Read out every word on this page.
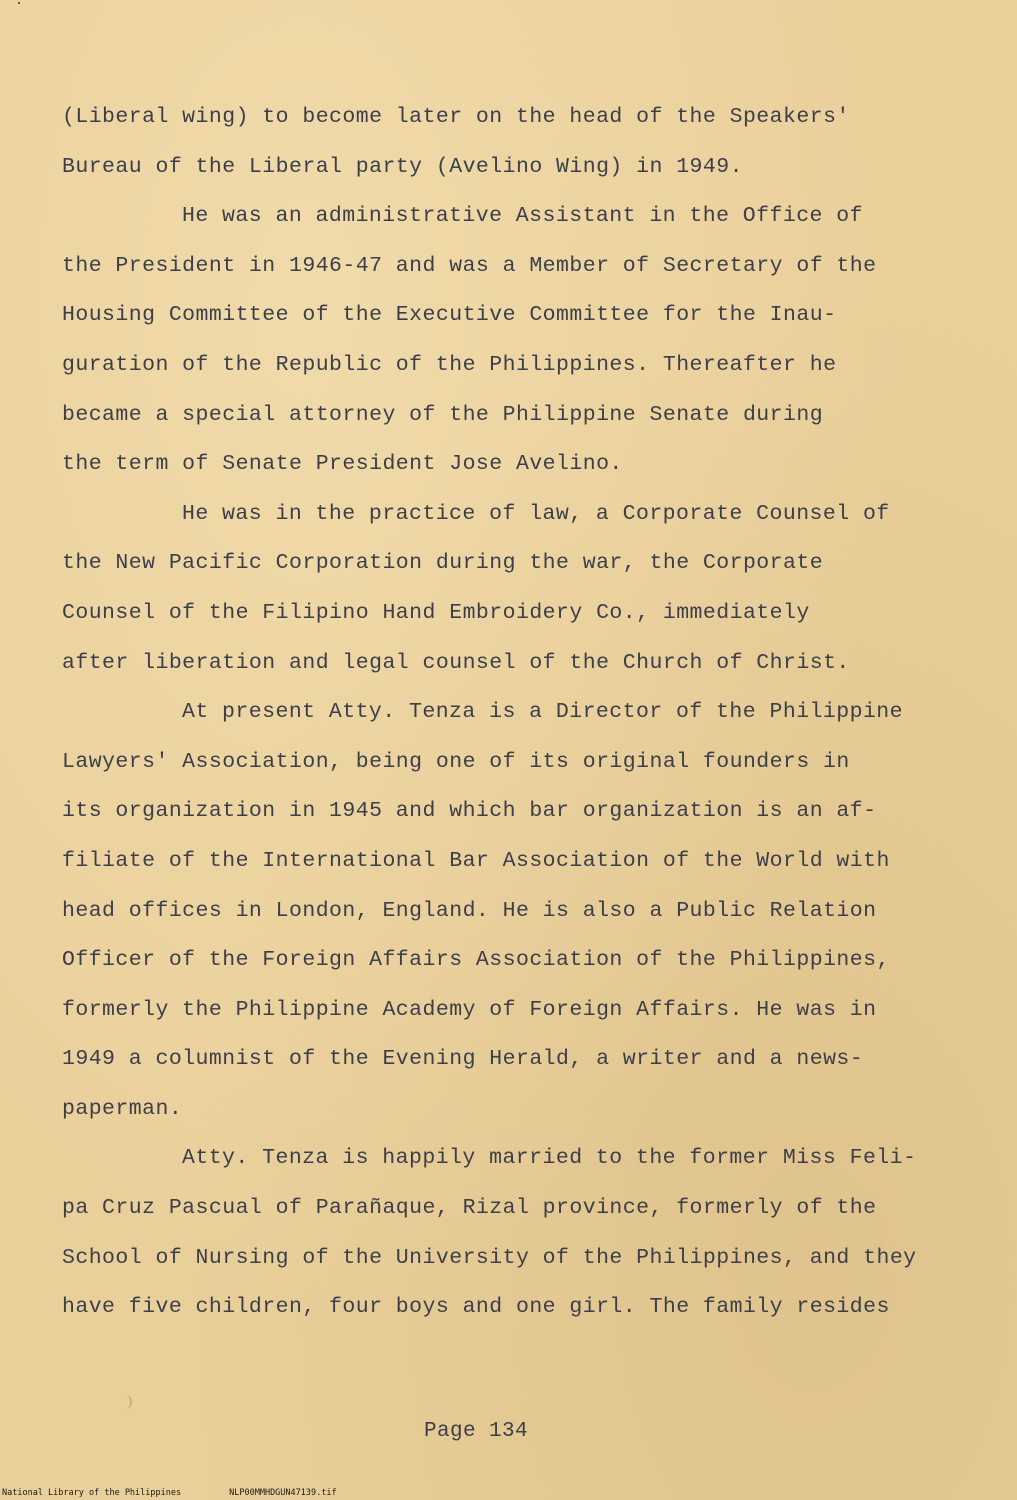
(Liberal wing) to become later on the head of the Speakers'
Bureau of the Liberal party (Avelino Wing) in 1949.
He was an administrative Assistant in the Office of
the President in 1946-47 and was a Member of Secretary of the
Housing Committee of the Executive Committee for the Inau-
guration of the Republic of the Philippines. Thereafter he
became a special attorney of the Philippine Senate during
the term of Senate President Jose Avelino.
He was in the practice of law, a Corporate Counsel of
the New Pacific Corporation during the war, the Corporate
Counsel of the Filipino Hand Embroidery Co., immediately
after liberation and legal counsel of the Church of Christ.
At present Atty. Tenza is a Director of the Philippine
Lawyers' Association, being one of its original founders in
its organization in 1945 and which bar organization is an af-
filiate of the International Bar Association of the World with
head offices in London, England. He is also a Public Relation
Officer of the Foreign Affairs Association of the Philippines,
formerly the Philippine Academy of Foreign Affairs. He was in
1949 a columnist of the Evening Herald, a writer and a news-
paperman.
Atty. Tenza is happily married to the former Miss Feli-
pa Cruz Pascual of Parañaque, Rizal province, formerly of the
School of Nursing of the University of the Philippines, and they
have five children, four boys and one girl. The family resides
Page 134
National Library of the Philippines	NLP00MMHDGUN47139.tif
